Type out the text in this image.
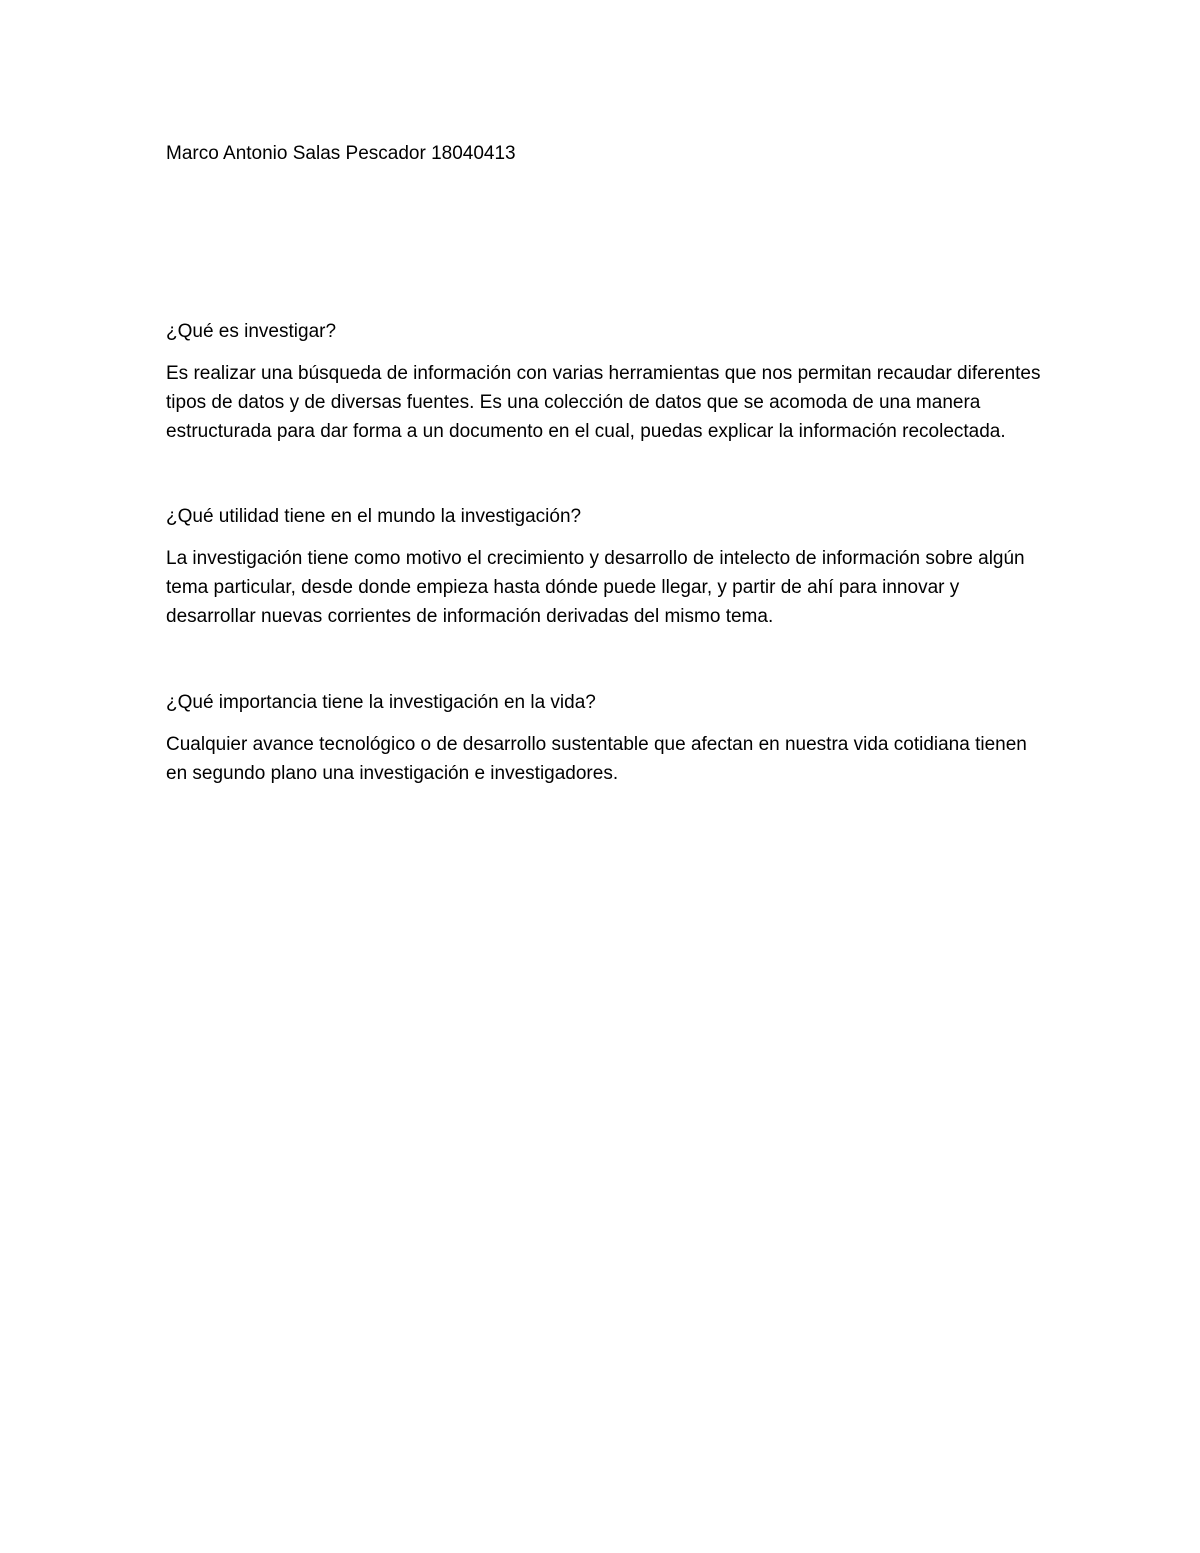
Marco Antonio Salas Pescador 18040413

¿Qué es investigar?

Es realizar una búsqueda de información con varias herramientas que nos permitan recaudar diferentes tipos de datos y de diversas fuentes. Es una colección de datos que se acomoda de una manera estructurada para dar forma a un documento en el cual, puedas explicar la información recolectada.

¿Qué utilidad tiene en el mundo la investigación?

La investigación tiene como motivo el crecimiento y desarrollo de intelecto de información sobre algún tema particular, desde donde empieza hasta dónde puede llegar, y partir de ahí para innovar y desarrollar nuevas corrientes de información derivadas del mismo tema.

¿Qué importancia tiene la investigación en la vida?

Cualquier avance tecnológico o de desarrollo sustentable que afectan en nuestra vida cotidiana tienen en segundo plano una investigación e investigadores.
